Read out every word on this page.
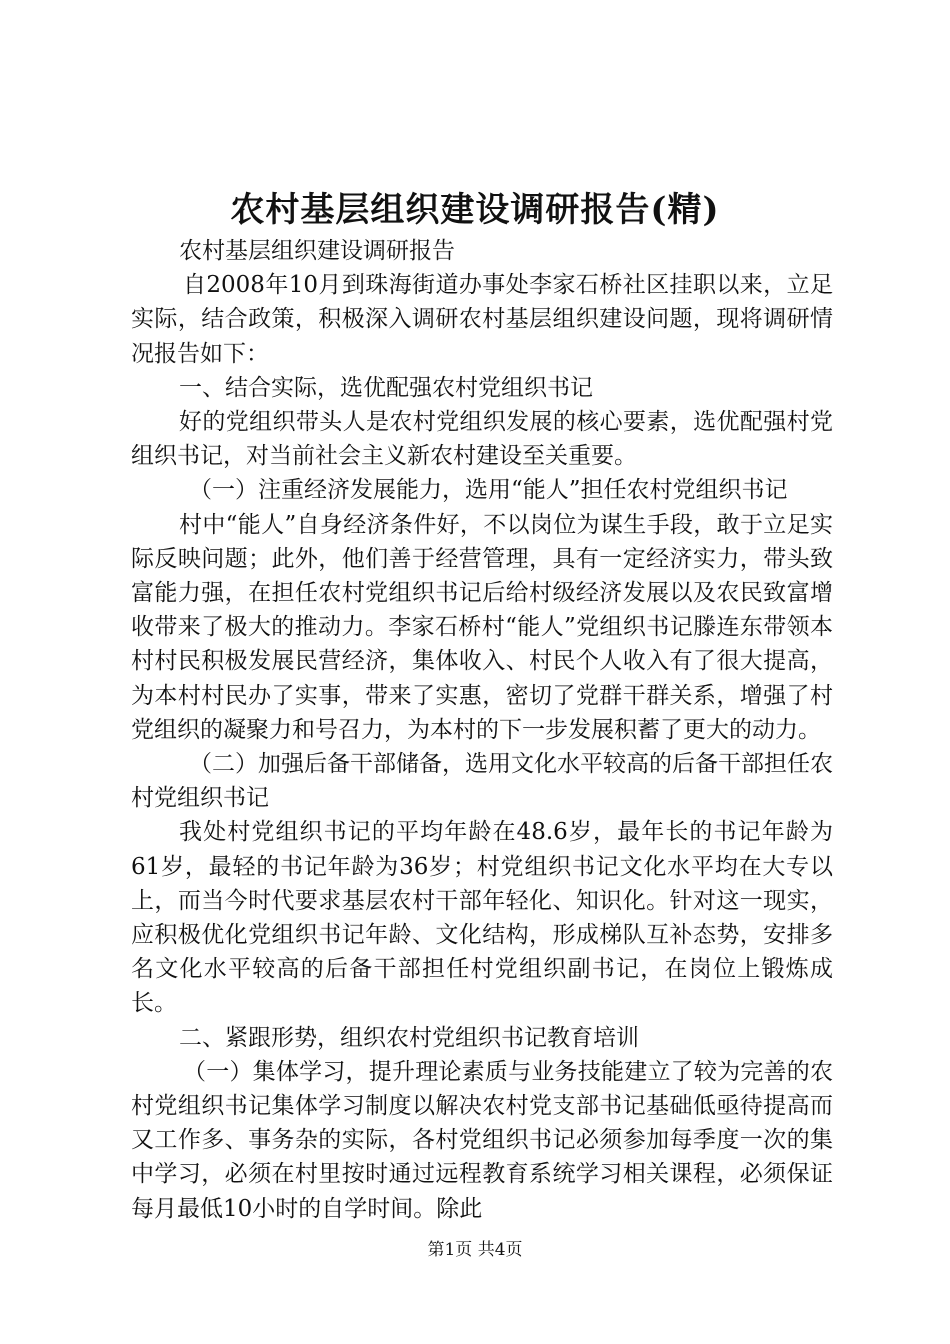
农村基层组织建设调研报告(精)

农村基层组织建设调研报告

自2008年10月到珠海街道办事处李家石桥社区挂职以来，立足实际，结合政策，积极深入调研农村基层组织建设问题，现将调研情况报告如下：

一、结合实际，选优配强农村党组织书记

好的党组织带头人是农村党组织发展的核心要素，选优配强村党组织书记，对当前社会主义新农村建设至关重要。

（一）注重经济发展能力，选用“能人”担任农村党组织书记

村中“能人”自身经济条件好，不以岗位为谋生手段，敢于立足实际反映问题；此外，他们善于经营管理，具有一定经济实力，带头致富能力强，在担任农村党组织书记后给村级经济发展以及农民致富增收带来了极大的推动力。李家石桥村“能人”党组织书记滕连东带领本村村民积极发展民营经济，集体收入、村民个人收入有了很大提高，为本村村民办了实事，带来了实惠，密切了党群干群关系，增强了村党组织的凝聚力和号召力，为本村的下一步发展积蓄了更大的动力。

（二）加强后备干部储备，选用文化水平较高的后备干部担任农村党组织书记

我处村党组织书记的平均年龄在48.6岁，最年长的书记年龄为61岁，最轻的书记年龄为36岁；村党组织书记文化水平均在大专以上，而当今时代要求基层农村干部年轻化、知识化。针对这一现实，应积极优化党组织书记年龄、文化结构，形成梯队互补态势，安排多名文化水平较高的后备干部担任村党组织副书记，在岗位上锻炼成长。

二、紧跟形势，组织农村党组织书记教育培训

（一）集体学习，提升理论素质与业务技能建立了较为完善的农村党组织书记集体学习制度以解决农村党支部书记基础低亟待提高而又工作多、事务杂的实际，各村党组织书记必须参加每季度一次的集中学习，必须在村里按时通过远程教育系统学习相关课程，必须保证每月最低10小时的自学时间。除此

第1页 共4页
